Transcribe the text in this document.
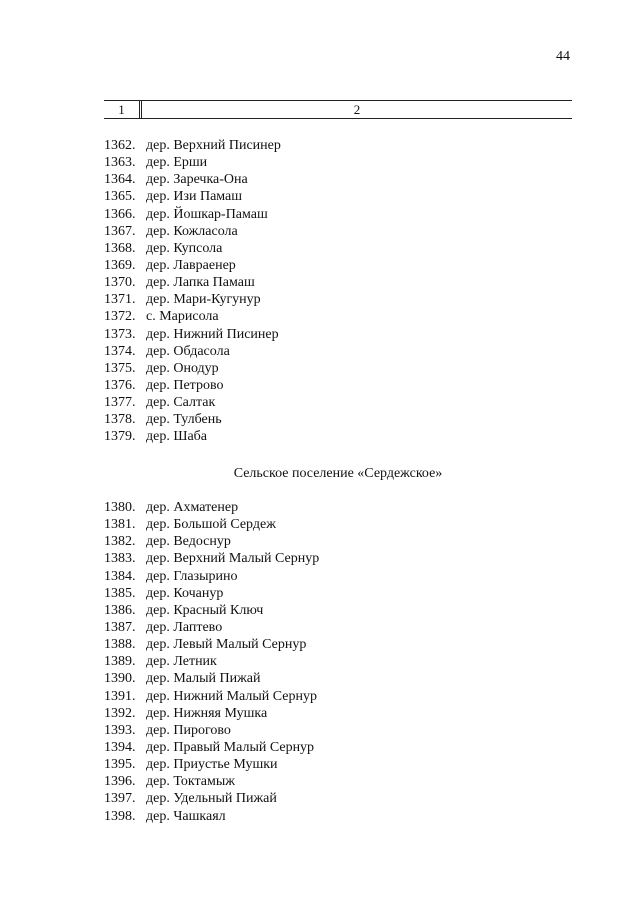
44
1	2
1362. дер. Верхний Писинер
1363. дер. Ерши
1364. дер. Заречка-Она
1365. дер. Изи Памаш
1366. дер. Йошкар-Памаш
1367. дер. Кожласола
1368. дер. Купсола
1369. дер. Лавраенер
1370. дер. Лапка Памаш
1371. дер. Мари-Кугунур
1372. с. Марисола
1373. дер. Нижний Писинер
1374. дер. Обдасола
1375. дер. Онодур
1376. дер. Петрово
1377. дер. Салтак
1378. дер. Тулбень
1379. дер. Шаба
Сельское поселение «Сердежское»
1380. дер. Ахматенер
1381. дер. Большой Сердеж
1382. дер. Ведоснур
1383. дер. Верхний Малый Сернур
1384. дер. Глазырино
1385. дер. Кочанур
1386. дер. Красный Ключ
1387. дер. Лаптево
1388. дер. Левый Малый Сернур
1389. дер. Летник
1390. дер. Малый Пижай
1391. дер. Нижний Малый Сернур
1392. дер. Нижняя Мушка
1393. дер. Пирогово
1394. дер. Правый Малый Сернур
1395. дер. Приустье Мушки
1396. дер. Токтамыж
1397. дер. Удельный Пижай
1398. дер. Чашкаял
